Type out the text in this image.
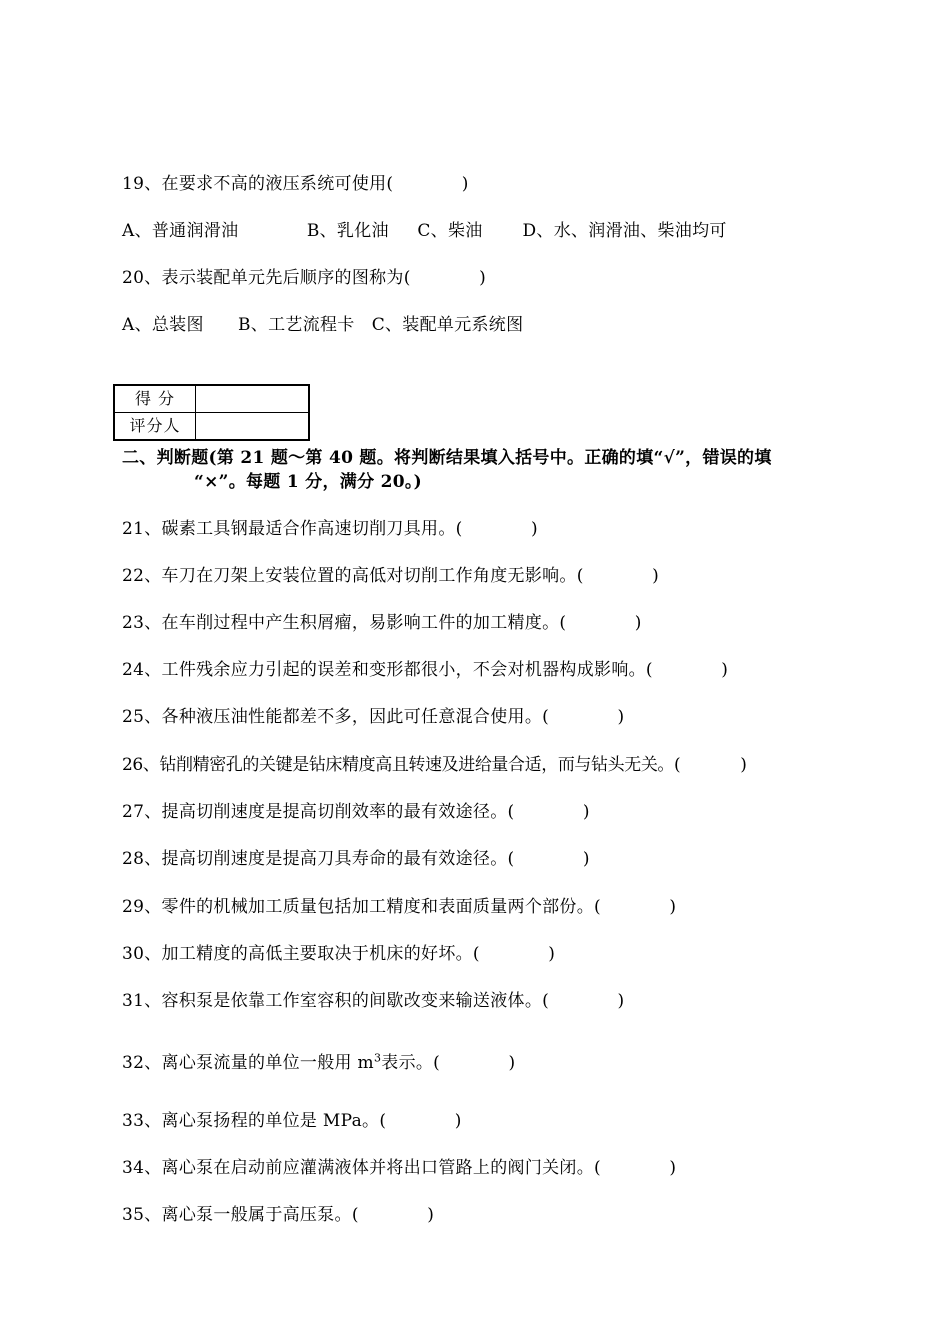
19、在要求不高的液压系统可使用(            )
A、普通润滑油            B、乳化油     C、柴油       D、水、润滑油、柴油均可
20、表示装配单元先后顺序的图称为(            )
A、总装图      B、工艺流程卡   C、装配单元系统图
得 分	
评分人	
二、判断题(第 21 题～第 40 题。将判断结果填入括号中。正确的填“√”，错误的填
“×”。每题 1 分，满分 20。)
21、碳素工具钢最适合作高速切削刀具用。(            )
22、车刀在刀架上安装位置的高低对切削工作角度无影响。(            )
23、在车削过程中产生积屑瘤，易影响工件的加工精度。(            )
24、工件残余应力引起的误差和变形都很小，不会对机器构成影响。(            )
25、各种液压油性能都差不多，因此可任意混合使用。(            )
26、钻削精密孔的关键是钻床精度高且转速及进给量合适，而与钻头无关。(            )
27、提高切削速度是提高切削效率的最有效途径。(            )
28、提高切削速度是提高刀具寿命的最有效途径。(            )
29、零件的机械加工质量包括加工精度和表面质量两个部份。(            )
30、加工精度的高低主要取决于机床的好坏。(            )
31、容积泵是依靠工作室容积的间歇改变来输送液体。(            )
32、离心泵流量的单位一般用 $m^3$表示。(            )
33、离心泵扬程的单位是 MPa。(            )
34、离心泵在启动前应灌满液体并将出口管路上的阀门关闭。(            )
35、离心泵一般属于高压泵。(            )
